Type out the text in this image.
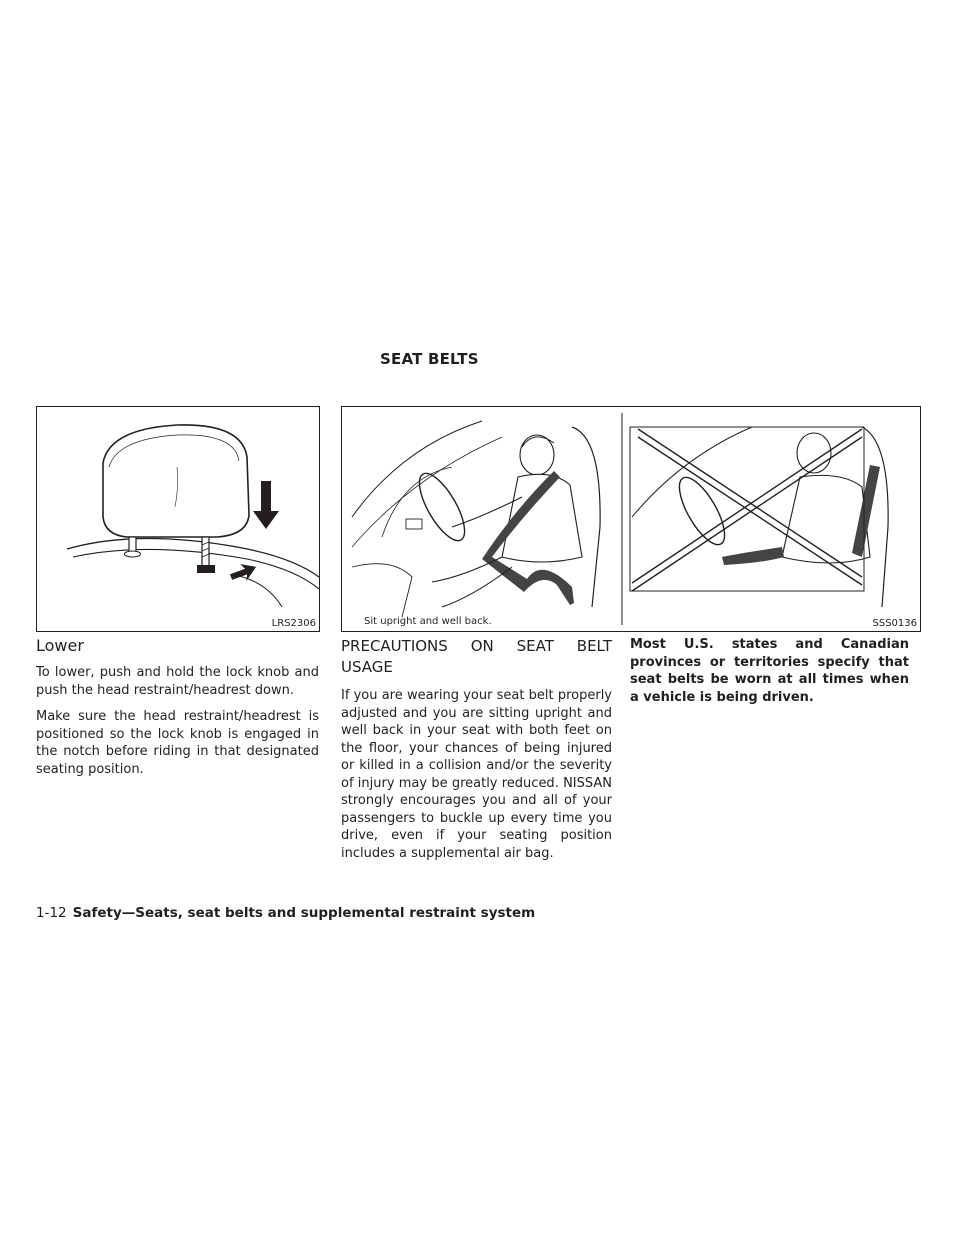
SEAT BELTS
LRS2306	Sit upright and well back.	SSS0136
Lower

To lower, push and hold the lock knob and push the head restraint/headrest down.

Make sure the head restraint/headrest is positioned so the lock knob is engaged in the notch before riding in that designated seating position.

PRECAUTIONS ON SEAT BELT USAGE

If you are wearing your seat belt properly adjusted and you are sitting upright and well back in your seat with both feet on the floor, your chances of being injured or killed in a collision and/or the severity of injury may be greatly reduced. NISSAN strongly encourages you and all of your passengers to buckle up every time you drive, even if your seating position includes a supplemental air bag.

Most U.S. states and Canadian provinces or territories specify that seat belts be worn at all times when a vehicle is being driven.

1-12 Safety—Seats, seat belts and supplemental restraint system
